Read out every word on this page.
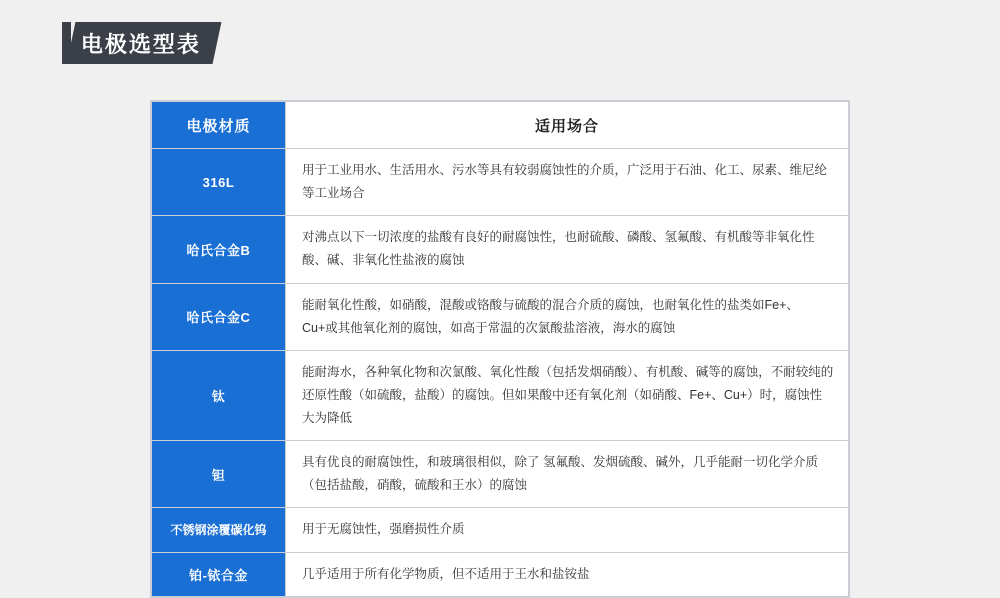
电极选型表
电极材质	适用场合
316L	用于工业用水、生活用水、污水等具有较弱腐蚀性的介质，广泛用于石油、化工、尿素、维尼纶等工业场合
哈氏合金B	对沸点以下一切浓度的盐酸有良好的耐腐蚀性，也耐硫酸、磷酸、氢氟酸、有机酸等非氧化性酸、碱、非氧化性盐液的腐蚀
哈氏合金C	能耐氧化性酸，如硝酸，混酸或铬酸与硫酸的混合介质的腐蚀，也耐氧化性的盐类如Fe+、Cu+或其他氧化剂的腐蚀，如高于常温的次氯酸盐溶液，海水的腐蚀
钛	能耐海水，各种氧化物和次氯酸、氧化性酸（包括发烟硝酸）、有机酸、碱等的腐蚀，不耐较纯的还原性酸（如硫酸，盐酸）的腐蚀。但如果酸中还有氧化剂（如硝酸、Fe+、Cu+）时，腐蚀性大为降低
钽	具有优良的耐腐蚀性，和玻璃很相似，除了 氢氟酸、发烟硫酸、碱外，几乎能耐一切化学介质（包括盐酸，硝酸，硫酸和王水）的腐蚀
不锈钢涂覆碳化钨	用于无腐蚀性，强磨损性介质
铂-铱合金	几乎适用于所有化学物质，但不适用于王水和盐铵盐
